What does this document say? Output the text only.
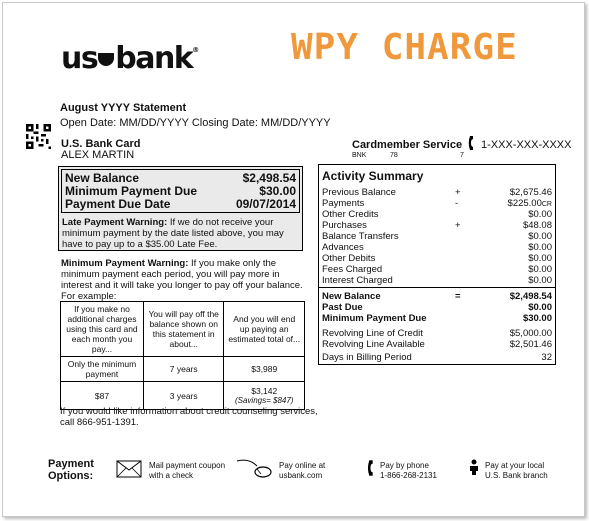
us bank®	WPY CHARGE
August YYYY Statement
Open Date: MM/DD/YYYY Closing Date: MM/DD/YYYY
U.S. Bank Card
ALEX MARTIN
Cardmember Service 1-XXX-XXX-XXXX
BNK	78	7
New Balance	$2,498.54
Minimum Payment Due	$30.00
Payment Due Date	09/07/2014
Late Payment Warning: If we do not receive your minimum payment by the date listed above, you may have to pay up to a $35.00 Late Fee.
Minimum Payment Warning: If you make only the minimum payment each period, you will pay more in interest and it will take you longer to pay off your balance. For example:
If you make no additional charges using this card and each month you pay...	You will pay off the balance shown on this statement in about...	And you will end up paying an estimated total of...
Only the minimum payment	7 years	$3,989
$87	3 years	$3,142
(Savings= $847)
If you would like information about credit counseling services, call 866-951-1391.
Activity Summary
Previous Balance	+	$2,675.46
Payments	-	$225.00CR
Other Credits	$0.00
Purchases	+	$48.08
Balance Transfers	$0.00
Advances	$0.00
Other Debits	$0.00
Fees Charged	$0.00
Interest Charged	$0.00
New Balance	=	$2,498.54
Past Due	$0.00
Minimum Payment Due	$30.00
Revolving Line of Credit	$5,000.00
Revolving Line Available	$2,501.46
Days in Billing Period	32
Payment
Options:
Mail payment coupon
with a check
Pay online at
usbank.com
Pay by phone
1-866-268-2131
Pay at your local
U.S. Bank branch
